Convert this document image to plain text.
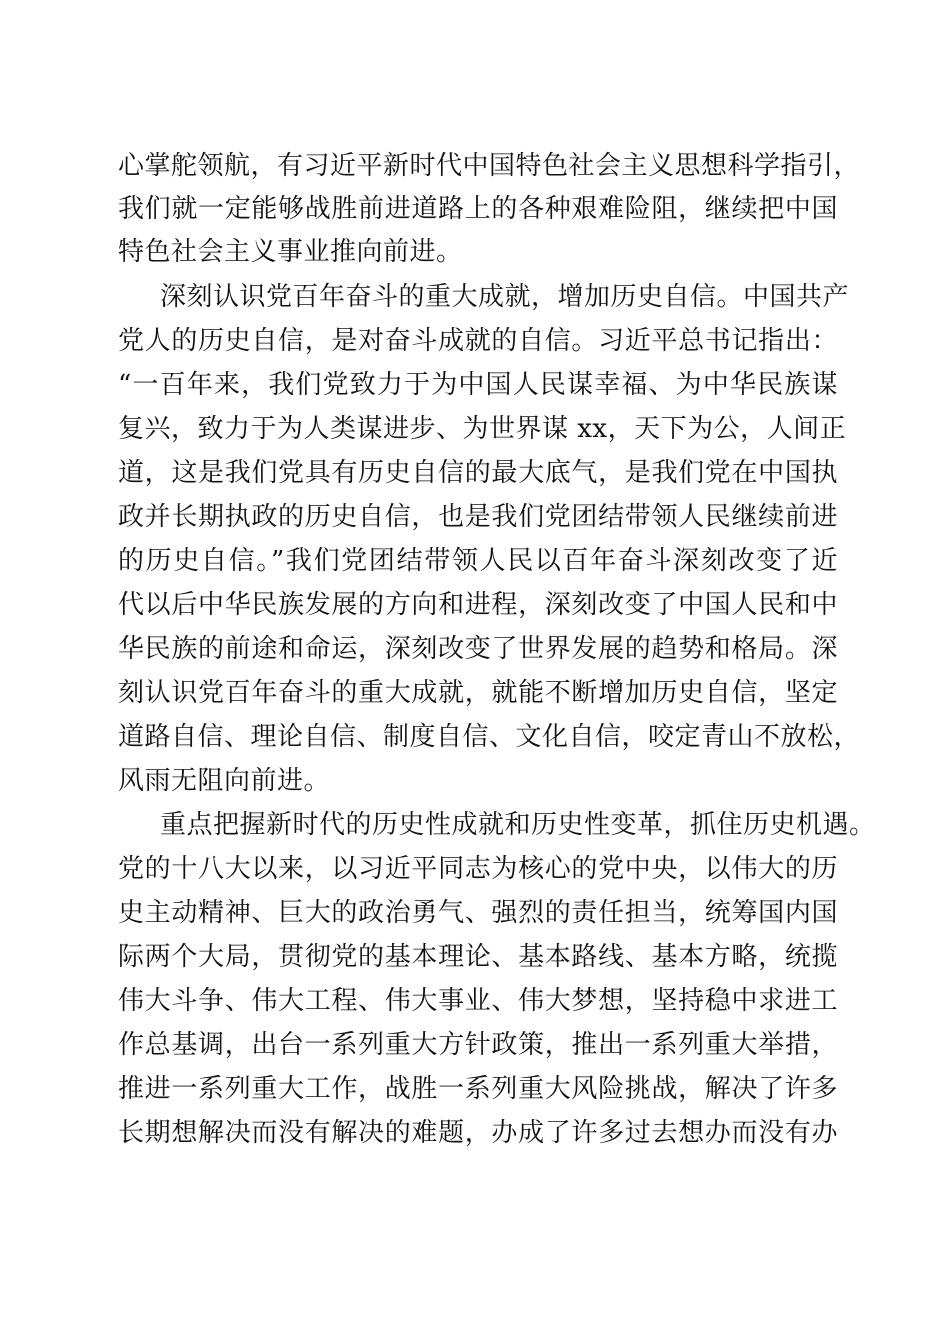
心掌舵领航，有习近平新时代中国特色社会主义思想科学指引，
我们就一定能够战胜前进道路上的各种艰难险阻，继续把中国
特色社会主义事业推向前进。
深刻认识党百年奋斗的重大成就，增加历史自信。中国共产
党人的历史自信，是对奋斗成就的自信。习近平总书记指出：
“一百年来，我们党致力于为中国人民谋幸福、为中华民族谋
复兴，致力于为人类谋进步、为世界谋 xx，天下为公，人间正
道，这是我们党具有历史自信的最大底气，是我们党在中国执
政并长期执政的历史自信，也是我们党团结带领人民继续前进
的历史自信。”我们党团结带领人民以百年奋斗深刻改变了近
代以后中华民族发展的方向和进程，深刻改变了中国人民和中
华民族的前途和命运，深刻改变了世界发展的趋势和格局。深
刻认识党百年奋斗的重大成就，就能不断增加历史自信，坚定
道路自信、理论自信、制度自信、文化自信，咬定青山不放松，
风雨无阻向前进。
重点把握新时代的历史性成就和历史性变革，抓住历史机遇。
党的十八大以来，以习近平同志为核心的党中央，以伟大的历
史主动精神、巨大的政治勇气、强烈的责任担当，统筹国内国
际两个大局，贯彻党的基本理论、基本路线、基本方略，统揽
伟大斗争、伟大工程、伟大事业、伟大梦想，坚持稳中求进工
作总基调，出台一系列重大方针政策，推出一系列重大举措，
推进一系列重大工作，战胜一系列重大风险挑战，解决了许多
长期想解决而没有解决的难题，办成了许多过去想办而没有办
